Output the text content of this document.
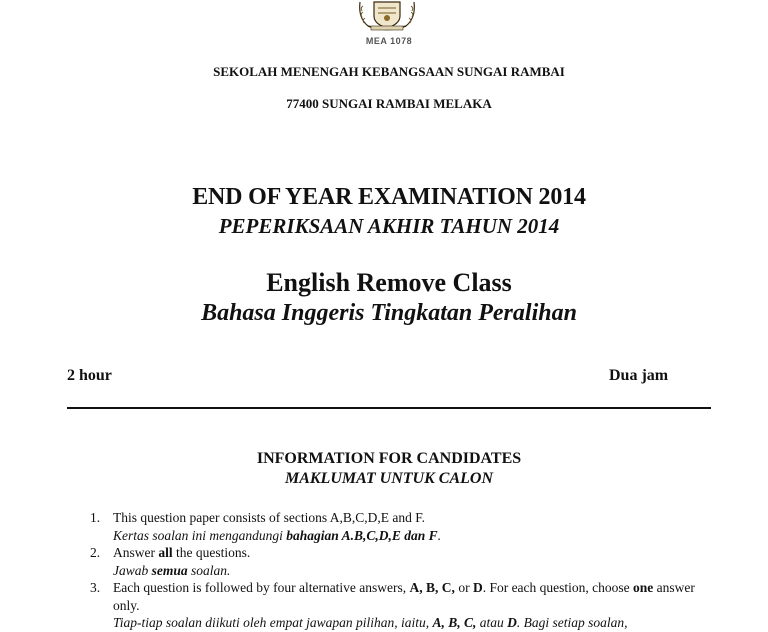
MEA 1078
SEKOLAH MENENGAH KEBANGSAAN SUNGAI RAMBAI
77400 SUNGAI RAMBAI MELAKA
END OF YEAR EXAMINATION 2014
PEPERIKSAAN AKHIR TAHUN 2014
English Remove Class
Bahasa Inggeris Tingkatan Peralihan
2 hour	Dua jam
INFORMATION FOR CANDIDATES
MAKLUMAT UNTUK CALON
1. This question paper consists of sections A,B,C,D,E and F.
Kertas soalan ini mengandungi bahagian A.B,C,D,E dan F.
2. Answer all the questions.
Jawab semua soalan.
3. Each question is followed by four alternative answers, A, B, C, or D. For each question, choose one answer only.
Tiap-tiap soalan diikuti oleh empat jawapan pilihan, iaitu, A, B, C, atau D. Bagi setiap soalan,
